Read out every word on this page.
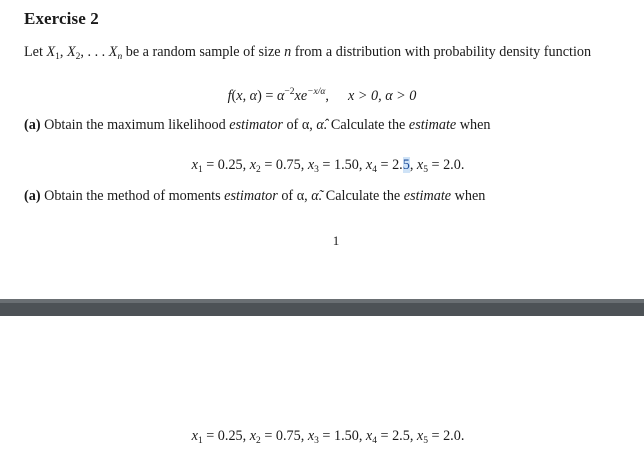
Exercise 2
Let $X_1$, $X_2$, . . . $X_n$ be a random sample of size n from a distribution with probability density function
f(x, $\alpha) = \alpha^{-2}xe^{-x/\alpha}$,  x > 0, α > 0
(a) Obtain the maximum likelihood estimator of α, α̂. Calculate the estimate when
$x_1 = 0.25$, $x_2 = 0.75$, $x_3 = 1.50$, $x_4 = 2.5$, $x_5 = 2.0$.
(a) Obtain the method of moments estimator of α, α̃. Calculate the estimate when
1
$x_1 = 0.25$, $x_2 = 0.75$, $x_3 = 1.50$, $x_4 = 2.5$, $x_5 = 2.0$.
